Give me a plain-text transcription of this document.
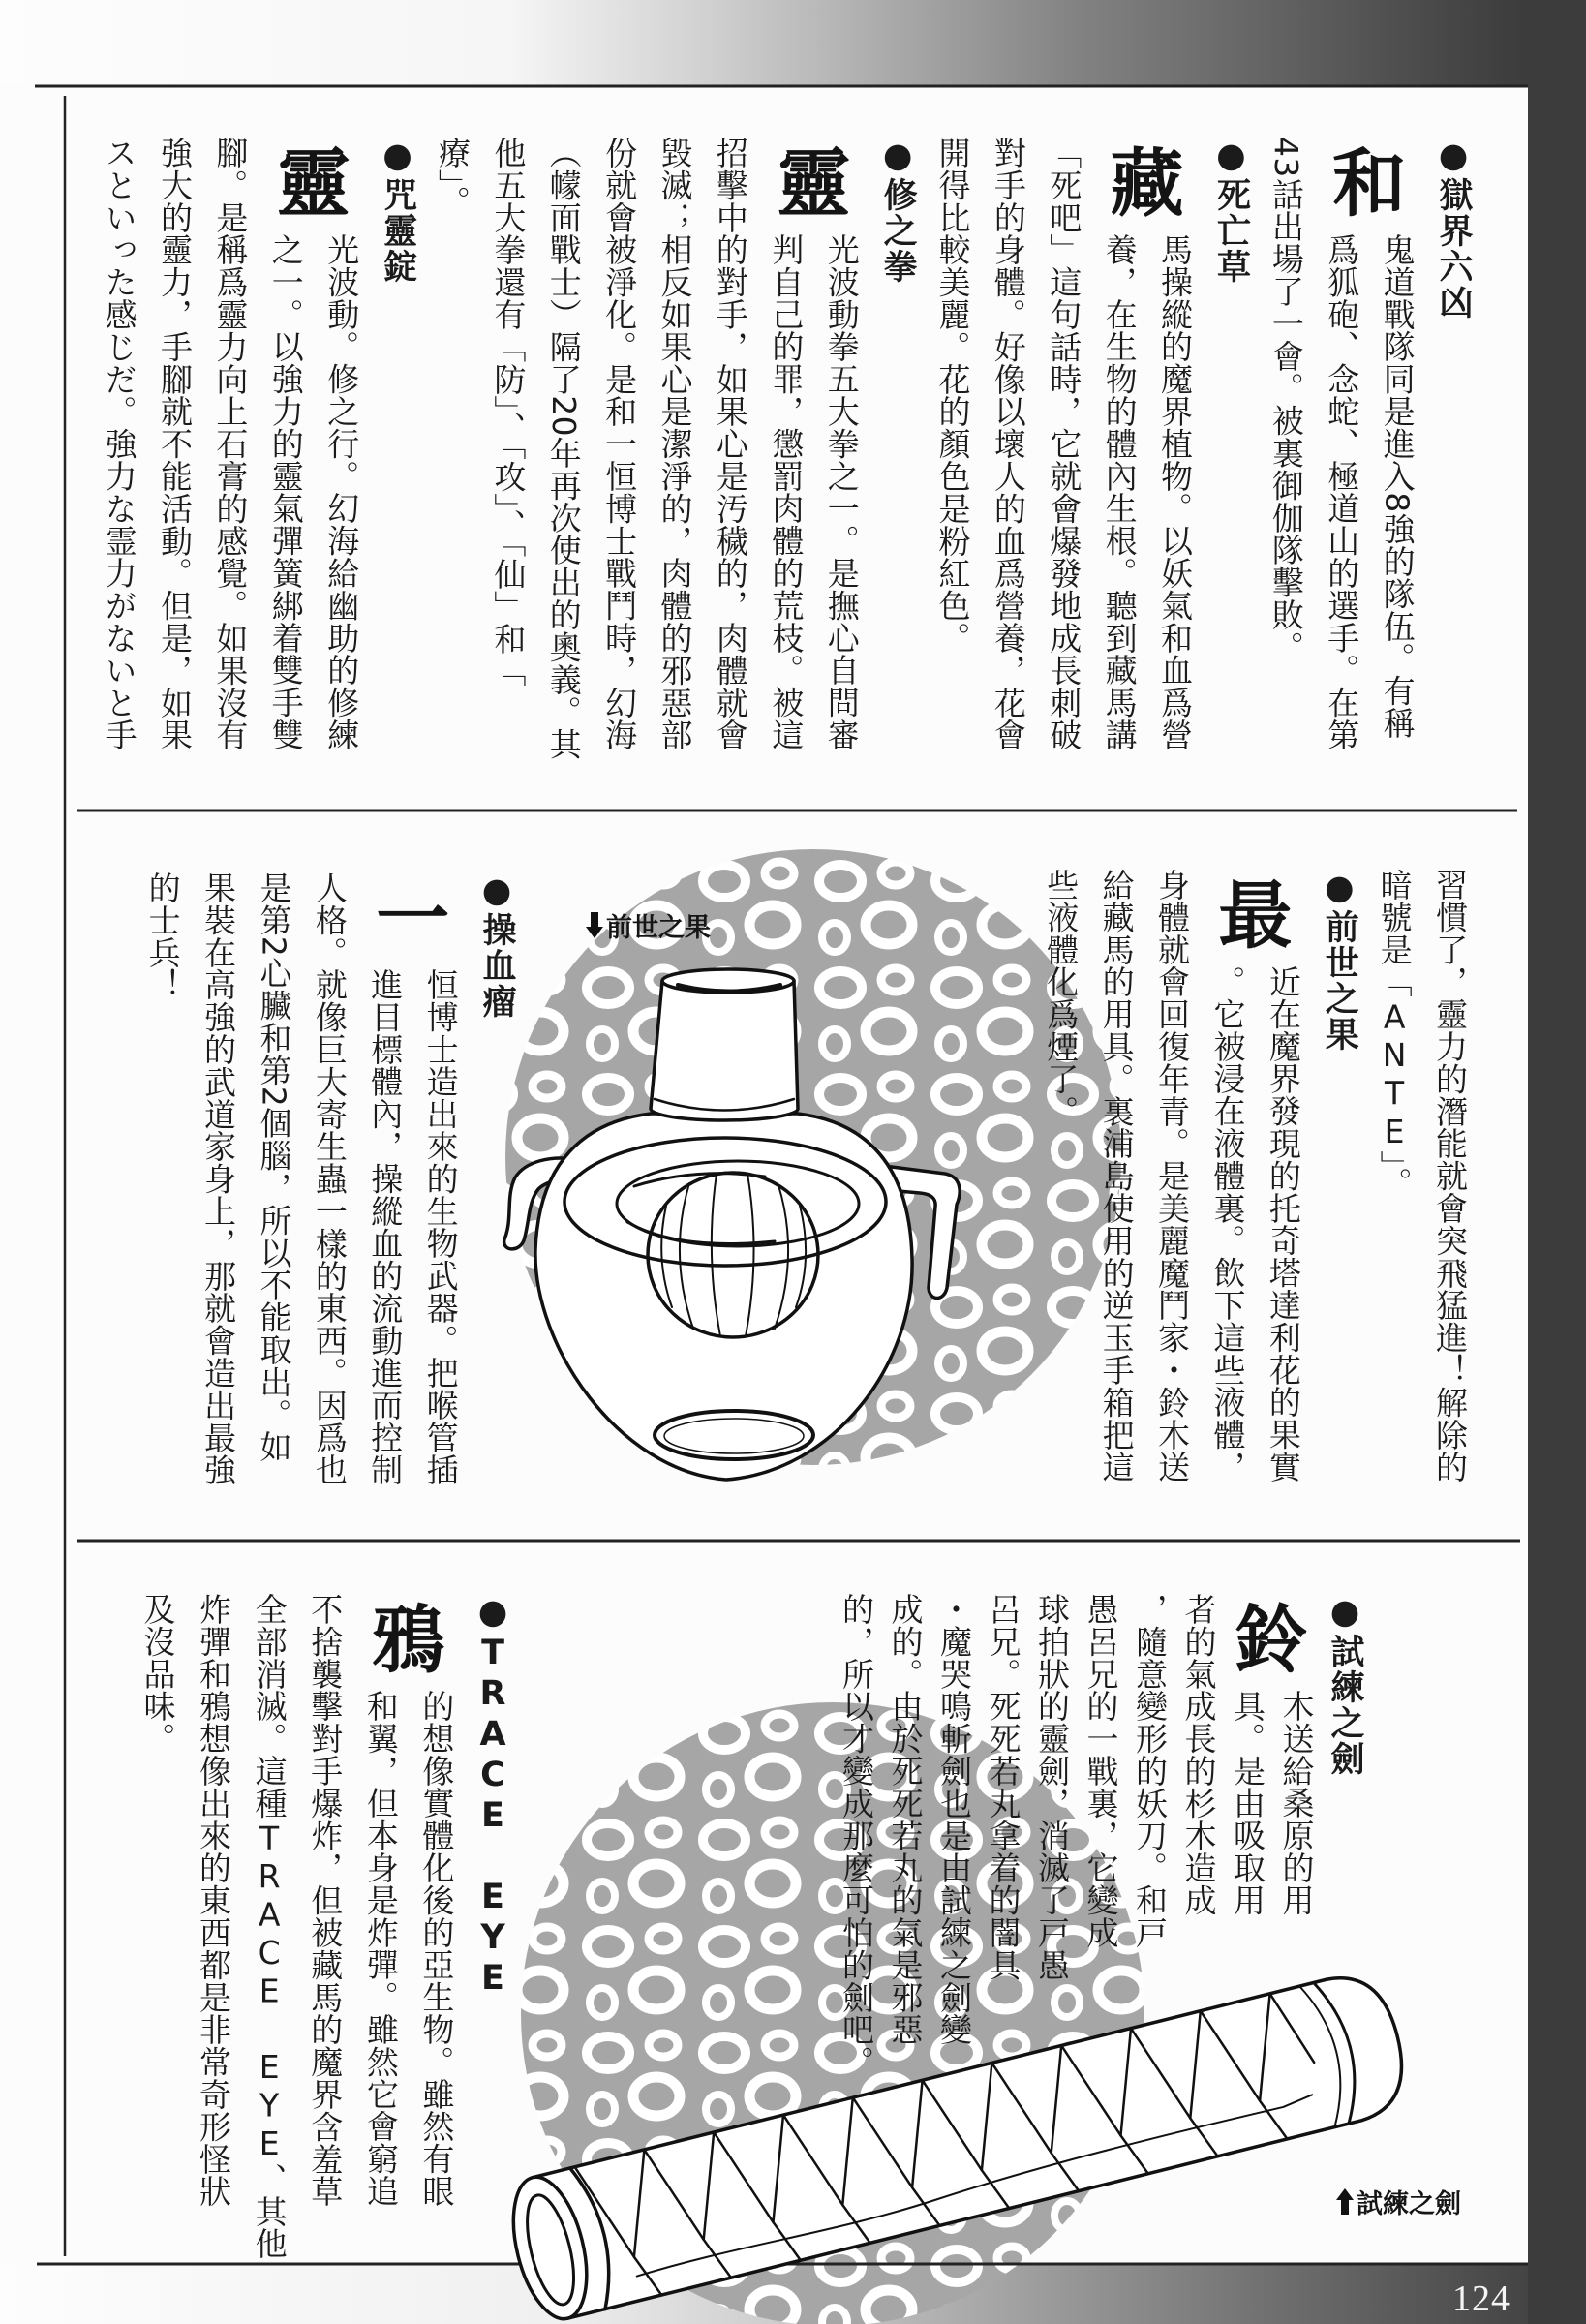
●獄界六凶
鬼道戰隊同是進入8強的隊伍。有稱
爲狐砲、念蛇、極道山的選手。在第
43話出場了一會。被裏御伽隊擊敗。
●死亡草
馬操縱的魔界植物。以妖氣和血爲營
養，在生物的體內生根。聽到藏馬講
「死吧」這句話時，它就會爆發地成長刺破
對手的身體。好像以壞人的血爲營養，花會
開得比較美麗。花的顏色是粉紅色。
●修之拳
光波動拳五大拳之一。是撫心自問審
判自己的罪，懲罰肉體的荒枝。被這
招擊中的對手，如果心是汚穢的，肉體就會
毀滅；相反如果心是潔淨的，肉體的邪惡部
份就會被淨化。是和一恒博士戰鬥時，幻海
（幪面戰士）隔了20年再次使出的奧義。其
他五大拳還有「防」、「攻」、「仙」和「
療」。
●咒靈錠
光波動。修之行。幻海給幽助的修練
之一。以強力的靈氣彈簧綁着雙手雙
腳。是稱爲靈力向上石膏的感覺。如果沒有
強大的靈力，手腳就不能活動。但是，如果
スといった感じだ。強力な霊力がないと手	和
藏
靈
靈
習慣了，靈力的潛能就會突飛猛進！解除的
暗號是「ANTE」。
●前世之果
近在魔界發現的托奇塔達利花的果實
。它被浸在液體裏。飲下這些液體，
身體就會回復年青。是美麗魔鬥家・鈴木送
給藏馬的用具。裏浦島使用的逆玉手箱把這
些液體化爲煙了。 最
●操血瘤
恒博士造出來的生物武器。把喉管插
進目標體內，操縱血的流動進而控制
人格。就像巨大寄生蟲一樣的東西。因爲也
是第2心臟和第2個腦，所以不能取出。如
果裝在高強的武道家身上，那就會造出最強
的士兵！	一
●試練之劍
木送給桑原的用
具。是由吸取用
者的氣成長的杉木造成
，隨意變形的妖刀。和戸
愚呂兄的一戰裏，它變成
球拍狀的靈劍，消滅了戸愚
呂兄。死死若丸拿着的闇具
・魔哭鳴斬劍也是由試練之劍變
成的。由於死死若丸的氣是邪惡
的，所以才變成那麼可怕的劍吧。	鈴
●TRACE EYE
的想像實體化後的亞生物。雖然有眼
和翼，但本身是炸彈。雖然它會窮追
不捨襲擊對手爆炸，但被藏馬的魔界含羞草
全部消滅。這種TRACE EYE、其他
炸彈和鴉想像出來的東西都是非常奇形怪狀
及沒品味。	鴉
前世之果
試練之劍
124
